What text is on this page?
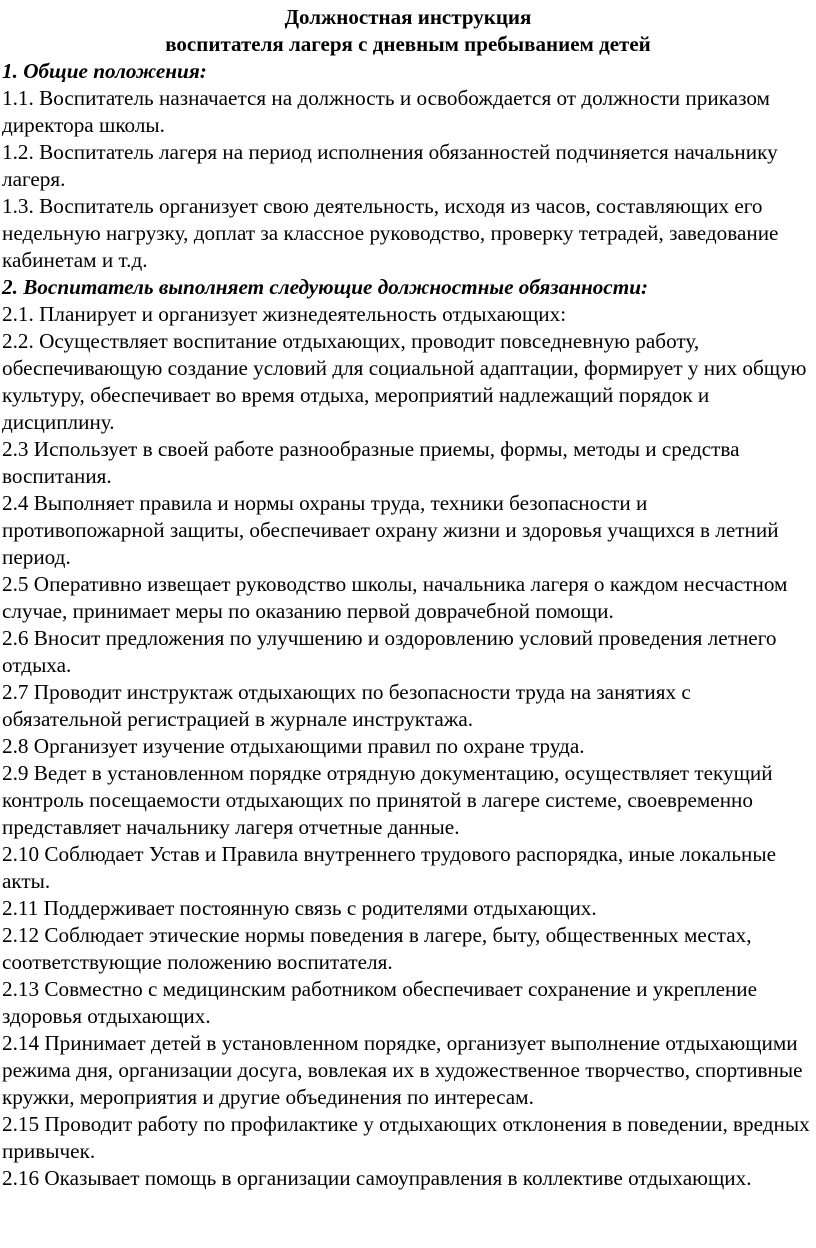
Должностная инструкция

воспитателя лагеря с дневным пребыванием детей

1. Общие положения:

1.1. Воспитатель назначается на должность и освобождается от должности приказом директора школы.

1.2. Воспитатель лагеря на период исполнения обязанностей подчиняется начальнику лагеря.

1.3. Воспитатель организует свою деятельность, исходя из часов, составляющих его недельную нагрузку, доплат за классное руководство, проверку тетрадей, заведование кабинетам и т.д.

2. Воспитатель выполняет следующие должностные обязанности:

2.1. Планирует и организует жизнедеятельность отдыхающих:

2.2. Осуществляет воспитание отдыхающих, проводит повседневную работу, обеспечивающую создание условий для социальной адаптации, формирует у них общую культуру, обеспечивает во время отдыха, мероприятий надлежащий порядок и дисциплину.

2.3 Использует в своей работе разнообразные приемы, формы, методы и средства воспитания.

2.4 Выполняет правила и нормы охраны труда, техники безопасности и противопожарной защиты, обеспечивает охрану жизни и здоровья учащихся в летний период.

2.5 Оперативно извещает руководство школы, начальника лагеря о каждом несчастном случае, принимает меры по оказанию первой доврачебной помощи.

2.6 Вносит предложения по улучшению и оздоровлению условий проведения летнего отдыха.

2.7 Проводит инструктаж отдыхающих по безопасности труда на занятиях с обязательной регистрацией в журнале инструктажа.

2.8 Организует изучение отдыхающими правил по охране труда.

2.9 Ведет в установленном порядке отрядную документацию, осуществляет текущий контроль посещаемости отдыхающих по принятой в лагере системе, своевременно представляет начальнику лагеря отчетные данные.

2.10 Соблюдает Устав и Правила внутреннего трудового распорядка, иные локальные акты.

2.11 Поддерживает постоянную связь с родителями отдыхающих.

2.12 Соблюдает этические нормы поведения в лагере, быту, общественных местах, соответствующие положению воспитателя.

2.13 Совместно с медицинским работником обеспечивает сохранение и укрепление здоровья отдыхающих.

2.14 Принимает детей в установленном порядке, организует выполнение отдыхающими режима дня, организации досуга, вовлекая их в художественное творчество, спортивные кружки, мероприятия и другие объединения по интересам.

2.15 Проводит работу по профилактике у отдыхающих отклонения в поведении, вредных привычек.

2.16 Оказывает помощь в организации самоуправления в коллективе отдыхающих.
